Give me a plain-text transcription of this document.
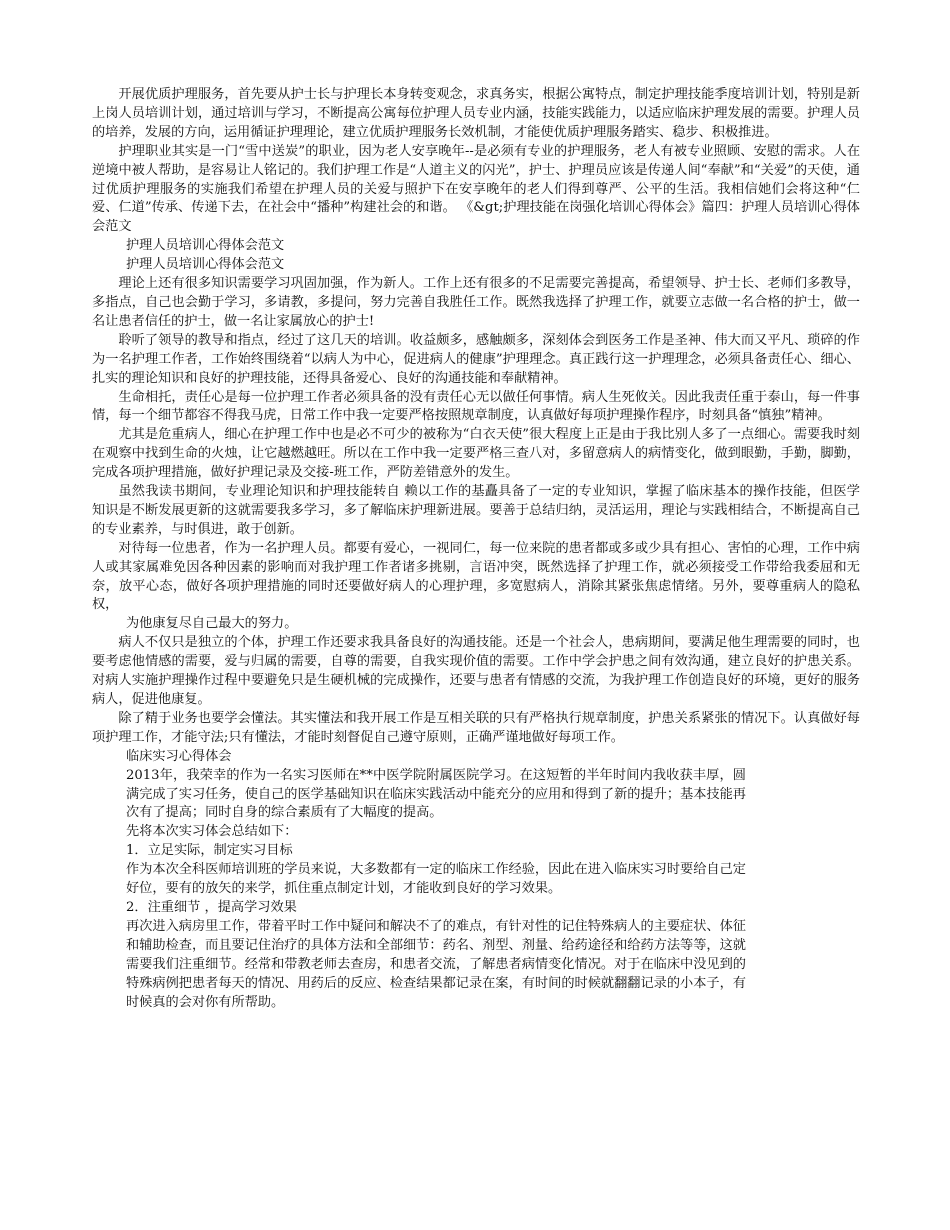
开展优质护理服务，首先要从护士长与护理长本身转变观念，求真务实，根据公寓特点，制定护理技能季度培训计划，特别是新上岗人员培训计划，通过培训与学习，不断提高公寓每位护理人员专业内涵，技能实践能力，以适应临床护理发展的需要。护理人员的培养，发展的方向，运用循证护理理论，建立优质护理服务长效机制，才能使优质护理服务踏实、稳步、积极推进。

护理职业其实是一门“雪中送炭”的职业，因为老人安享晚年--是必须有专业的护理服务，老人有被专业照顾、安慰的需求。人在逆境中被人帮助，是容易让人铭记的。我们护理工作是“人道主义的闪光”，护士、护理员应该是传递人间“奉献”和“关爱”的天使，通过优质护理服务的实施我们希望在护理人员的关爱与照护下在安享晚年的老人们得到尊严、公平的生活。我相信她们会将这种“仁爱、仁道”传承、传递下去，在社会中“播种”构建社会的和谐。 《&gt;护理技能在岗强化培训心得体会》篇四：护理人员培训心得体会范文

护理人员培训心得体会范文

护理人员培训心得体会范文

理论上还有很多知识需要学习巩固加强，作为新人。工作上还有很多的不足需要完善提高，希望领导、护士长、老师们多教导，多指点，自己也会勤于学习，多请教，多提问，努力完善自我胜任工作。既然我选择了护理工作，就要立志做一名合格的护士，做一名让患者信任的护士，做一名让家属放心的护士!

聆听了领导的教导和指点，经过了这几天的培训。收益颇多，感触颇多，深刻体会到医务工作是圣神、伟大而又平凡、琐碎的作为一名护理工作者，工作始终围绕着“以病人为中心，促进病人的健康”护理理念。真正践行这一护理理念，必须具备责任心、细心、扎实的理论知识和良好的护理技能，还得具备爱心、良好的沟通技能和奉献精神。

生命相托，责任心是每一位护理工作者必须具备的没有责任心无以做任何事情。病人生死攸关。因此我责任重于泰山，每一件事情，每一个细节都容不得我马虎，日常工作中我一定要严格按照规章制度，认真做好每项护理操作程序，时刻具备“慎独”精神。

尤其是危重病人，细心在护理工作中也是必不可少的被称为“白衣天使”很大程度上正是由于我比别人多了一点细心。需要我时刻在观察中找到生命的火烛，让它越燃越旺。所以在工作中我一定要严格三查八对，多留意病人的病情变化，做到眼勤，手勤，脚勤，完成各项护理措施，做好护理记录及交接-班工作，严防差错意外的发生。

虽然我读书期间，专业理论知识和护理技能转自 赖以工作的基矗具备了一定的专业知识，掌握了临床基本的操作技能，但医学知识是不断发展更新的这就需要我多学习，多了解临床护理新进展。要善于总结归纳，灵活运用，理论与实践相结合，不断提高自己的专业素养，与时俱进，敢于创新。

对待每一位患者，作为一名护理人员。都要有爱心，一视同仁，每一位来院的患者都或多或少具有担心、害怕的心理，工作中病人或其家属难免因各种因素的影响而对我护理工作者诸多挑剔，言语冲突，既然选择了护理工作，就必须接受工作带给我委屈和无奈，放平心态，做好各项护理措施的同时还要做好病人的心理护理，多宽慰病人，消除其紧张焦虑情绪。另外，要尊重病人的隐私权，

为他康复尽自己最大的努力。

病人不仅只是独立的个体，护理工作还要求我具备良好的沟通技能。还是一个社会人，患病期间，要满足他生理需要的同时，也要考虑他情感的需要，爱与归属的需要，自尊的需要，自我实现价值的需要。工作中学会护患之间有效沟通，建立良好的护患关系。对病人实施护理操作过程中要避免只是生硬机械的完成操作，还要与患者有情感的交流，为我护理工作创造良好的环境，更好的服务病人，促进他康复。

除了精于业务也要学会懂法。其实懂法和我开展工作是互相关联的只有严格执行规章制度，护患关系紧张的情况下。认真做好每项护理工作，才能守法;只有懂法，才能时刻督促自己遵守原则，正确严谨地做好每项工作。

临床实习心得体会

2013年，我荣幸的作为一名实习医师在**中医学院附属医院学习。在这短暂的半年时间内我收获丰厚，圆满完成了实习任务，使自己的医学基础知识在临床实践活动中能充分的应用和得到了新的提升；基本技能再次有了提高；同时自身的综合素质有了大幅度的提高。

先将本次实习体会总结如下：

1．立足实际，制定实习目标

作为本次全科医师培训班的学员来说，大多数都有一定的临床工作经验，因此在进入临床实习时要给自己定好位，要有的放矢的来学，抓住重点制定计划，才能收到良好的学习效果。

2．注重细节 ，提高学习效果

再次进入病房里工作，带着平时工作中疑问和解决不了的难点，有针对性的记住特殊病人的主要症状、体征和辅助检查，而且要记住治疗的具体方法和全部细节：药名、剂型、剂量、给药途径和给药方法等等，这就需要我们注重细节。经常和带教老师去查房，和患者交流，了解患者病情变化情况。对于在临床中没见到的特殊病例把患者每天的情况、用药后的反应、检查结果都记录在案，有时间的时候就翻翻记录的小本子，有时候真的会对你有所帮助。
